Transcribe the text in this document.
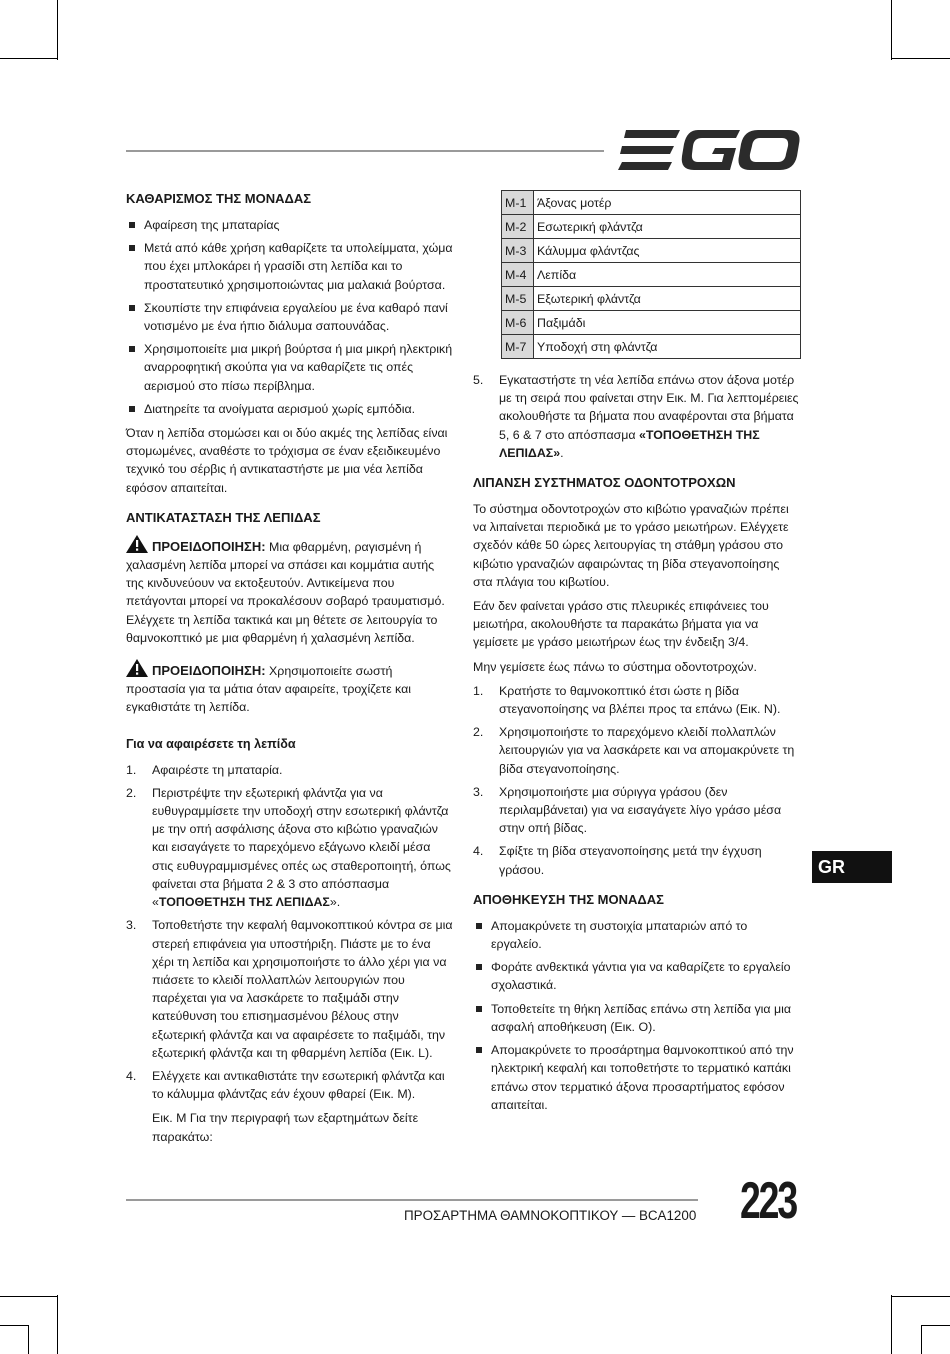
ΚΑΘΑΡΙΣΜΟΣ ΤΗΣ ΜΟΝΑΔΑΣ
Αφαίρεση της μπαταρίας
Μετά από κάθε χρήση καθαρίζετε τα υπολείμματα, χώμα που έχει μπλοκάρει ή γρασίδι στη λεπίδα και το προστατευτικό χρησιμοποιώντας μια μαλακιά βούρτσα.
Σκουπίστε την επιφάνεια εργαλείου με ένα καθαρό πανί νοτισμένο με ένα ήπιο διάλυμα σαπουνάδας.
Χρησιμοποιείτε μια μικρή βούρτσα ή μια μικρή ηλεκτρική αναρροφητική σκούπα για να καθαρίζετε τις οπές αερισμού στο πίσω περίβλημα.
Διατηρείτε τα ανοίγματα αερισμού χωρίς εμπόδια.

Όταν η λεπίδα στομώσει και οι δύο ακμές της λεπίδας είναι στομωμένες, αναθέστε το τρόχισμα σε έναν εξειδικευμένο τεχνικό του σέρβις ή αντικαταστήστε με μια νέα λεπίδα εφόσον απαιτείται.

ΑΝΤΙΚΑΤΑΣΤΑΣΗ ΤΗΣ ΛΕΠΙΔΑΣ

ΠΡΟΕΙΔΟΠΟΙΗΣΗ: Μια φθαρμένη, ραγισμένη ή χαλασμένη λεπίδα μπορεί να σπάσει και κομμάτια αυτής της κινδυνεύουν να εκτοξευτούν. Αντικείμενα που πετάγονται μπορεί να προκαλέσουν σοβαρό τραυματισμό. Ελέγχετε τη λεπίδα τακτικά και μη θέτετε σε λειτουργία το θαμνοκοπτικό με μια φθαρμένη ή χαλασμένη λεπίδα.

ΠΡΟΕΙΔΟΠΟΙΗΣΗ: Χρησιμοποιείτε σωστή προστασία για τα μάτια όταν αφαιρείτε, τροχίζετε και εγκαθιστάτε τη λεπίδα.

Για να αφαιρέσετε τη λεπίδα
1. Αφαιρέστε τη μπαταρία.
2. Περιστρέψτε την εξωτερική φλάντζα για να ευθυγραμμίσετε την υποδοχή στην εσωτερική φλάντζα με την οπή ασφάλισης άξονα στο κιβώτιο γραναζιών και εισαγάγετε το παρεχόμενο εξάγωνο κλειδί μέσα στις ευθυγραμμισμένες οπές ως σταθεροποιητή, όπως φαίνεται στα βήματα 2 & 3 στο απόσπασμα «ΤΟΠΟΘΕΤΗΣΗ ΤΗΣ ΛΕΠΙΔΑΣ».
3. Τοποθετήστε την κεφαλή θαμνοκοπτικού κόντρα σε μια στερεή επιφάνεια για υποστήριξη. Πιάστε με το ένα χέρι τη λεπίδα και χρησιμοποιήστε το άλλο χέρι για να πιάσετε το κλειδί πολλαπλών λειτουργιών που παρέχεται για να λασκάρετε το παξιμάδι στην κατεύθυνση του επισημασμένου βέλους στην εξωτερική φλάντζα και να αφαιρέσετε το παξιμάδι, την εξωτερική φλάντζα και τη φθαρμένη λεπίδα (Εικ. L).
4. Ελέγχετε και αντικαθιστάτε την εσωτερική φλάντζα και το κάλυμμα φλάντζας εάν έχουν φθαρεί (Εικ. M).

Εικ. M Για την περιγραφή των εξαρτημάτων δείτε παρακάτω:

M-1	Άξονας μοτέρ
M-2	Εσωτερική φλάντζα
M-3	Κάλυμμα φλάντζας
M-4	Λεπίδα
M-5	Εξωτερική φλάντζα
M-6	Παξιμάδι
M-7	Υποδοχή στη φλάντζα
5. Εγκαταστήστε τη νέα λεπίδα επάνω στον άξονα μοτέρ με τη σειρά που φαίνεται στην Εικ. M. Για λεπτομέρειες ακολουθήστε τα βήματα που αναφέρονται στα βήματα 5, 6 & 7 στο απόσπασμα «ΤΟΠΟΘΕΤΗΣΗ ΤΗΣ ΛΕΠΙΔΑΣ».
ΛΙΠΑΝΣΗ ΣΥΣΤΗΜΑΤΟΣ ΟΔΟΝΤΟΤΡΟΧΩΝ

Το σύστημα οδοντοτροχών στο κιβώτιο γραναζιών πρέπει να λιπαίνεται περιοδικά με το γράσο μειωτήρων. Ελέγχετε σχεδόν κάθε 50 ώρες λειτουργίας τη στάθμη γράσου στο κιβώτιο γραναζιών αφαιρώντας τη βίδα στεγανοποίησης στα πλάγια του κιβωτίου.

Εάν δεν φαίνεται γράσο στις πλευρικές επιφάνειες του μειωτήρα, ακολουθήστε τα παρακάτω βήματα για να γεμίσετε με γράσο μειωτήρων έως την ένδειξη 3/4.

Μην γεμίσετε έως πάνω το σύστημα οδοντοτροχών.

1. Κρατήστε το θαμνοκοπτικό έτσι ώστε η βίδα στεγανοποίησης να βλέπει προς τα επάνω (Εικ. N).
2. Χρησιμοποιήστε το παρεχόμενο κλειδί πολλαπλών λειτουργιών για να λασκάρετε και να απομακρύνετε τη βίδα στεγανοποίησης.
3. Χρησιμοποιήστε μια σύριγγα γράσου (δεν περιλαμβάνεται) για να εισαγάγετε λίγο γράσο μέσα στην οπή βίδας.
4. Σφίξτε τη βίδα στεγανοποίησης μετά την έγχυση γράσου.
ΑΠΟΘΗΚΕΥΣΗ ΤΗΣ ΜΟΝΑΔΑΣ
Απομακρύνετε τη συστοιχία μπαταριών από το εργαλείο.
Φοράτε ανθεκτικά γάντια για να καθαρίζετε το εργαλείο σχολαστικά.
Τοποθετείτε τη θήκη λεπίδας επάνω στη λεπίδα για μια ασφαλή αποθήκευση (Εικ. O).
Απομακρύνετε το προσάρτημα θαμνοκοπτικού από την ηλεκτρική κεφαλή και τοποθετήστε το τερματικό καπάκι επάνω στον τερματικό άξονα προσαρτήματος εφόσον απαιτείται.
GR
ΠΡΟΣΑΡΤΗΜΑ ΘΑΜΝΟΚΟΠΤΙΚΟΥ — BCA1200 223
